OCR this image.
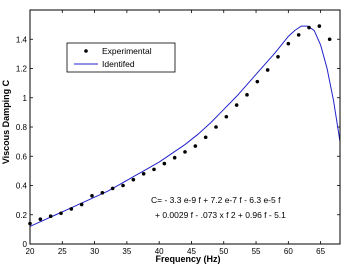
20	25	30	35	40	45	50	55	60	65
0
0.2
0.4
0.6
0.8
1
1.2
1.4
Experimental
Identifed
C= - 3.3 e-9 f + 7.2 e-7 f - 6.3 e-5 f
+ 0.0029 f - .073 x f 2 + 0.96 f - 5.1
Frequency (Hz)
Viscous Damping C
